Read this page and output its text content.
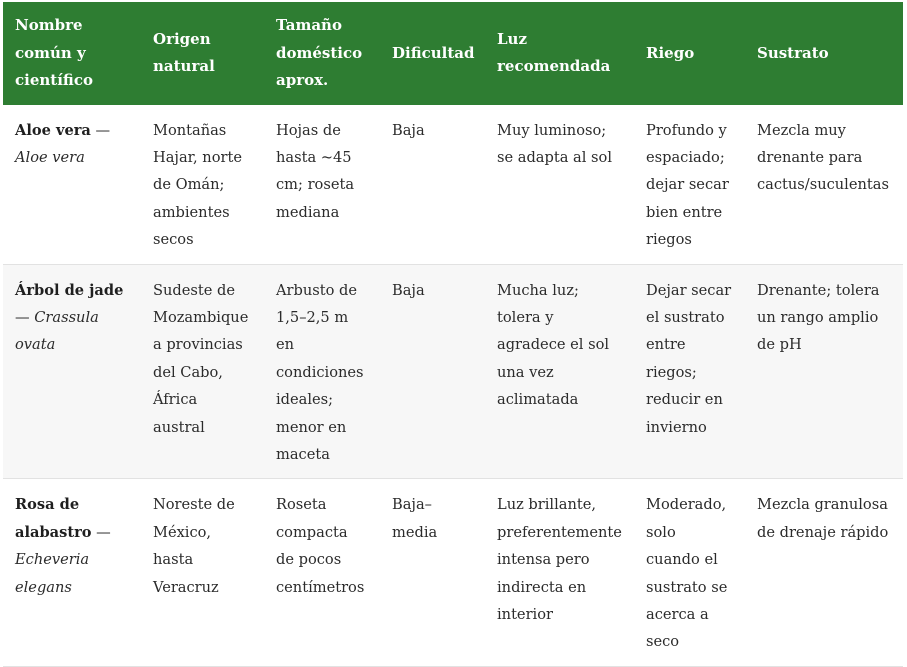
Nombre común y científico	Origen natural	Tamaño doméstico aprox.	Dificultad	Luz recomendada	Riego	Sustrato
Aloe vera — Aloe vera	Montañas Hajar, norte de Omán; ambientes secos	Hojas de hasta ~45 cm; roseta mediana	Baja	Muy luminoso; se adapta al sol	Profundo y espaciado; dejar secar bien entre riegos	Mezcla muy drenante para cactus/suculentas
Árbol de jade — Crassula ovata	Sudeste de Mozambique a provincias del Cabo, África austral	Arbusto de 1,5–2,5 m en condiciones ideales; menor en maceta	Baja	Mucha luz; tolera y agradece el sol una vez aclimatada	Dejar secar el sustrato entre riegos; reducir en invierno	Drenante; tolera un rango amplio de pH
Rosa de alabastro — Echeveria elegans	Noreste de México, hasta Veracruz	Roseta compacta de pocos centímetros	Baja–media	Luz brillante, preferentemente intensa pero indirecta en interior	Moderado, solo cuando el sustrato se acerca a seco	Mezcla granulosa de drenaje rápido
